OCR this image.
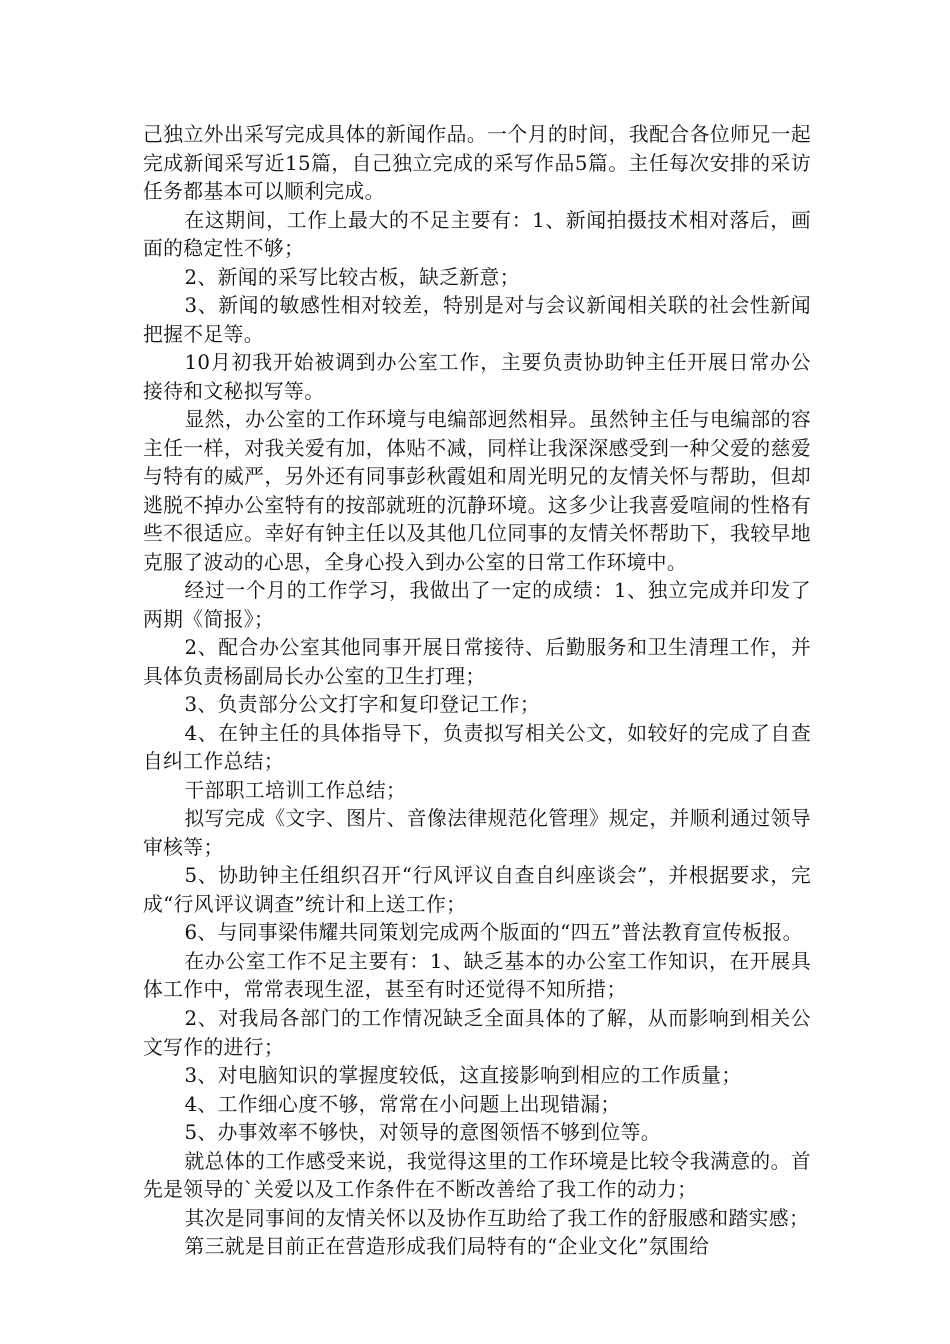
己独立外出采写完成具体的新闻作品。一个月的时间，我配合各位师兄一起完成新闻采写近15篇，自己独立完成的采写作品5篇。主任每次安排的采访任务都基本可以顺利完成。

在这期间，工作上最大的不足主要有：1、新闻拍摄技术相对落后，画面的稳定性不够；

2、新闻的采写比较古板，缺乏新意；

3、新闻的敏感性相对较差，特别是对与会议新闻相关联的社会性新闻把握不足等。

10月初我开始被调到办公室工作，主要负责协助钟主任开展日常办公接待和文秘拟写等。

显然，办公室的工作环境与电编部迥然相异。虽然钟主任与电编部的容主任一样，对我关爱有加，体贴不减，同样让我深深感受到一种父爱的慈爱与特有的威严，另外还有同事彭秋霞姐和周光明兄的友情关怀与帮助，但却逃脱不掉办公室特有的按部就班的沉静环境。这多少让我喜爱喧闹的性格有些不很适应。幸好有钟主任以及其他几位同事的友情关怀帮助下，我较早地克服了波动的心思，全身心投入到办公室的日常工作环境中。

经过一个月的工作学习，我做出了一定的成绩：1、独立完成并印发了两期《简报》；

2、配合办公室其他同事开展日常接待、后勤服务和卫生清理工作，并具体负责杨副局长办公室的卫生打理；

3、负责部分公文打字和复印登记工作；

4、在钟主任的具体指导下，负责拟写相关公文，如较好的完成了自查自纠工作总结；

干部职工培训工作总结；

拟写完成《文字、图片、音像法律规范化管理》规定，并顺利通过领导审核等；

5、协助钟主任组织召开“行风评议自查自纠座谈会”，并根据要求，完成“行风评议调查”统计和上送工作；

6、与同事梁伟耀共同策划完成两个版面的“四五”普法教育宣传板报。

在办公室工作不足主要有：1、缺乏基本的办公室工作知识，在开展具体工作中，常常表现生涩，甚至有时还觉得不知所措；

2、对我局各部门的工作情况缺乏全面具体的了解，从而影响到相关公文写作的进行；

3、对电脑知识的掌握度较低，这直接影响到相应的工作质量；

4、工作细心度不够，常常在小问题上出现错漏；

5、办事效率不够快，对领导的意图领悟不够到位等。

就总体的工作感受来说，我觉得这里的工作环境是比较令我满意的。首先是领导的`关爱以及工作条件在不断改善给了我工作的动力；

其次是同事间的友情关怀以及协作互助给了我工作的舒服感和踏实感；

第三就是目前正在营造形成我们局特有的“企业文化”氛围给
